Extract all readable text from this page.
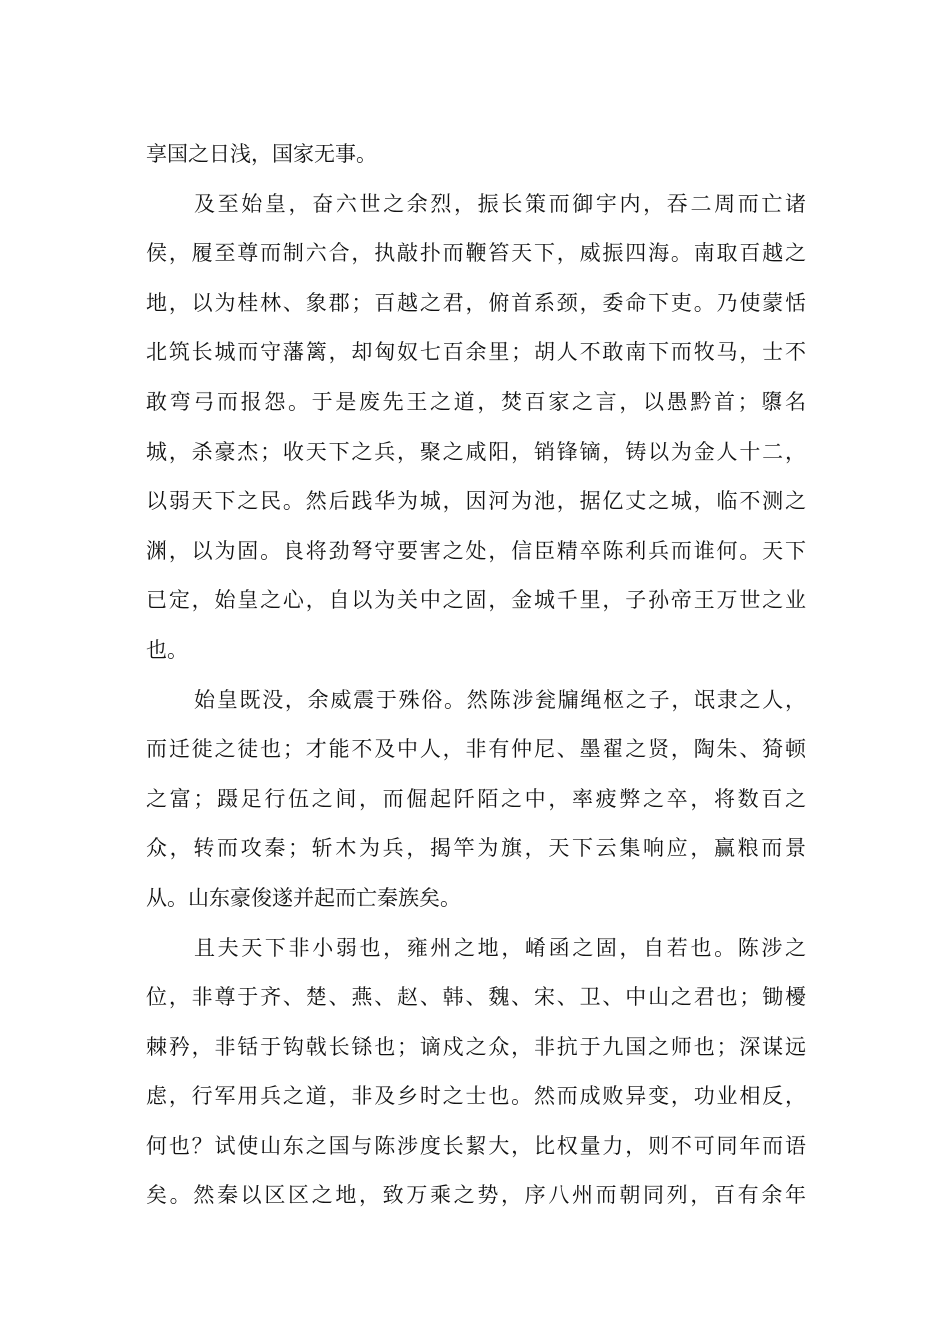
享国之日浅，国家无事。
及至始皇，奋六世之余烈，振长策而御宇内，吞二周而亡诸
侯，履至尊而制六合，执敲扑而鞭笞天下，威振四海。南取百越之
地，以为桂林、象郡；百越之君，俯首系颈，委命下吏。乃使蒙恬
北筑长城而守藩篱，却匈奴七百余里；胡人不敢南下而牧马，士不
敢弯弓而报怨。于是废先王之道，焚百家之言，以愚黔首；隳名
城，杀豪杰；收天下之兵，聚之咸阳，销锋镝，铸以为金人十二，
以弱天下之民。然后践华为城，因河为池，据亿丈之城，临不测之
渊，以为固。良将劲弩守要害之处，信臣精卒陈利兵而谁何。天下
已定，始皇之心，自以为关中之固，金城千里，子孙帝王万世之业
也。
始皇既没，余威震于殊俗。然陈涉瓮牖绳枢之子，氓隶之人，
而迁徙之徒也；才能不及中人，非有仲尼、墨翟之贤，陶朱、猗顿
之富；蹑足行伍之间，而倔起阡陌之中，率疲弊之卒，将数百之
众，转而攻秦；斩木为兵，揭竿为旗，天下云集响应，赢粮而景
从。山东豪俊遂并起而亡秦族矣。
且夫天下非小弱也，雍州之地，崤函之固，自若也。陈涉之
位，非尊于齐、楚、燕、赵、韩、魏、宋、卫、中山之君也；锄櫌
棘矜，非铦于钩戟长铩也；谪戍之众，非抗于九国之师也；深谋远
虑，行军用兵之道，非及乡时之士也。然而成败异变，功业相反，
何也？试使山东之国与陈涉度长絜大，比权量力，则不可同年而语
矣。然秦以区区之地，致万乘之势，序八州而朝同列，百有余年
